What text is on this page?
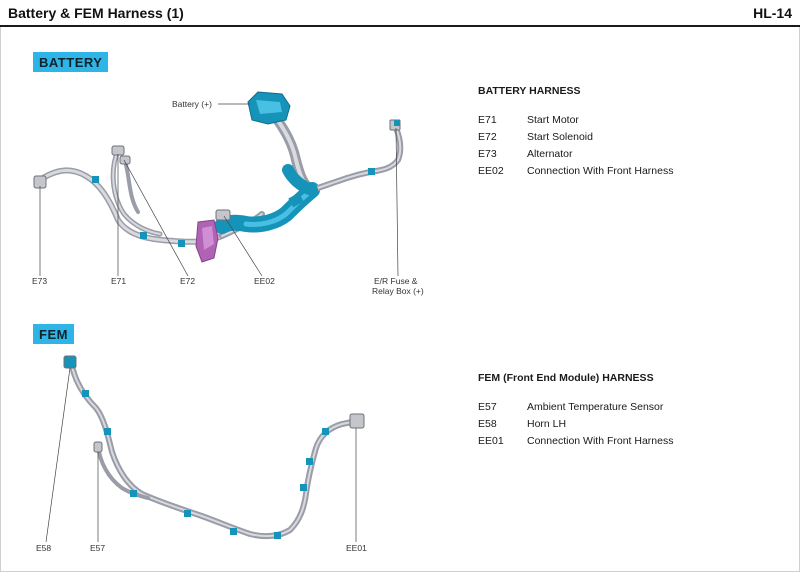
Battery & FEM Harness (1)	HL-14
BATTERY
FEM
Battery (+)
E73	E71	E72	EE02	E/R Fuse &
Relay Box (+)
E58	E57	EE01
BATTERY HARNESS
E71	Start Motor
E72	Start Solenoid
E73	Alternator
EE02	Connection With Front Harness
FEM (Front End Module) HARNESS
E57	Ambient Temperature Sensor
E58	Horn LH
EE01	Connection With Front Harness
